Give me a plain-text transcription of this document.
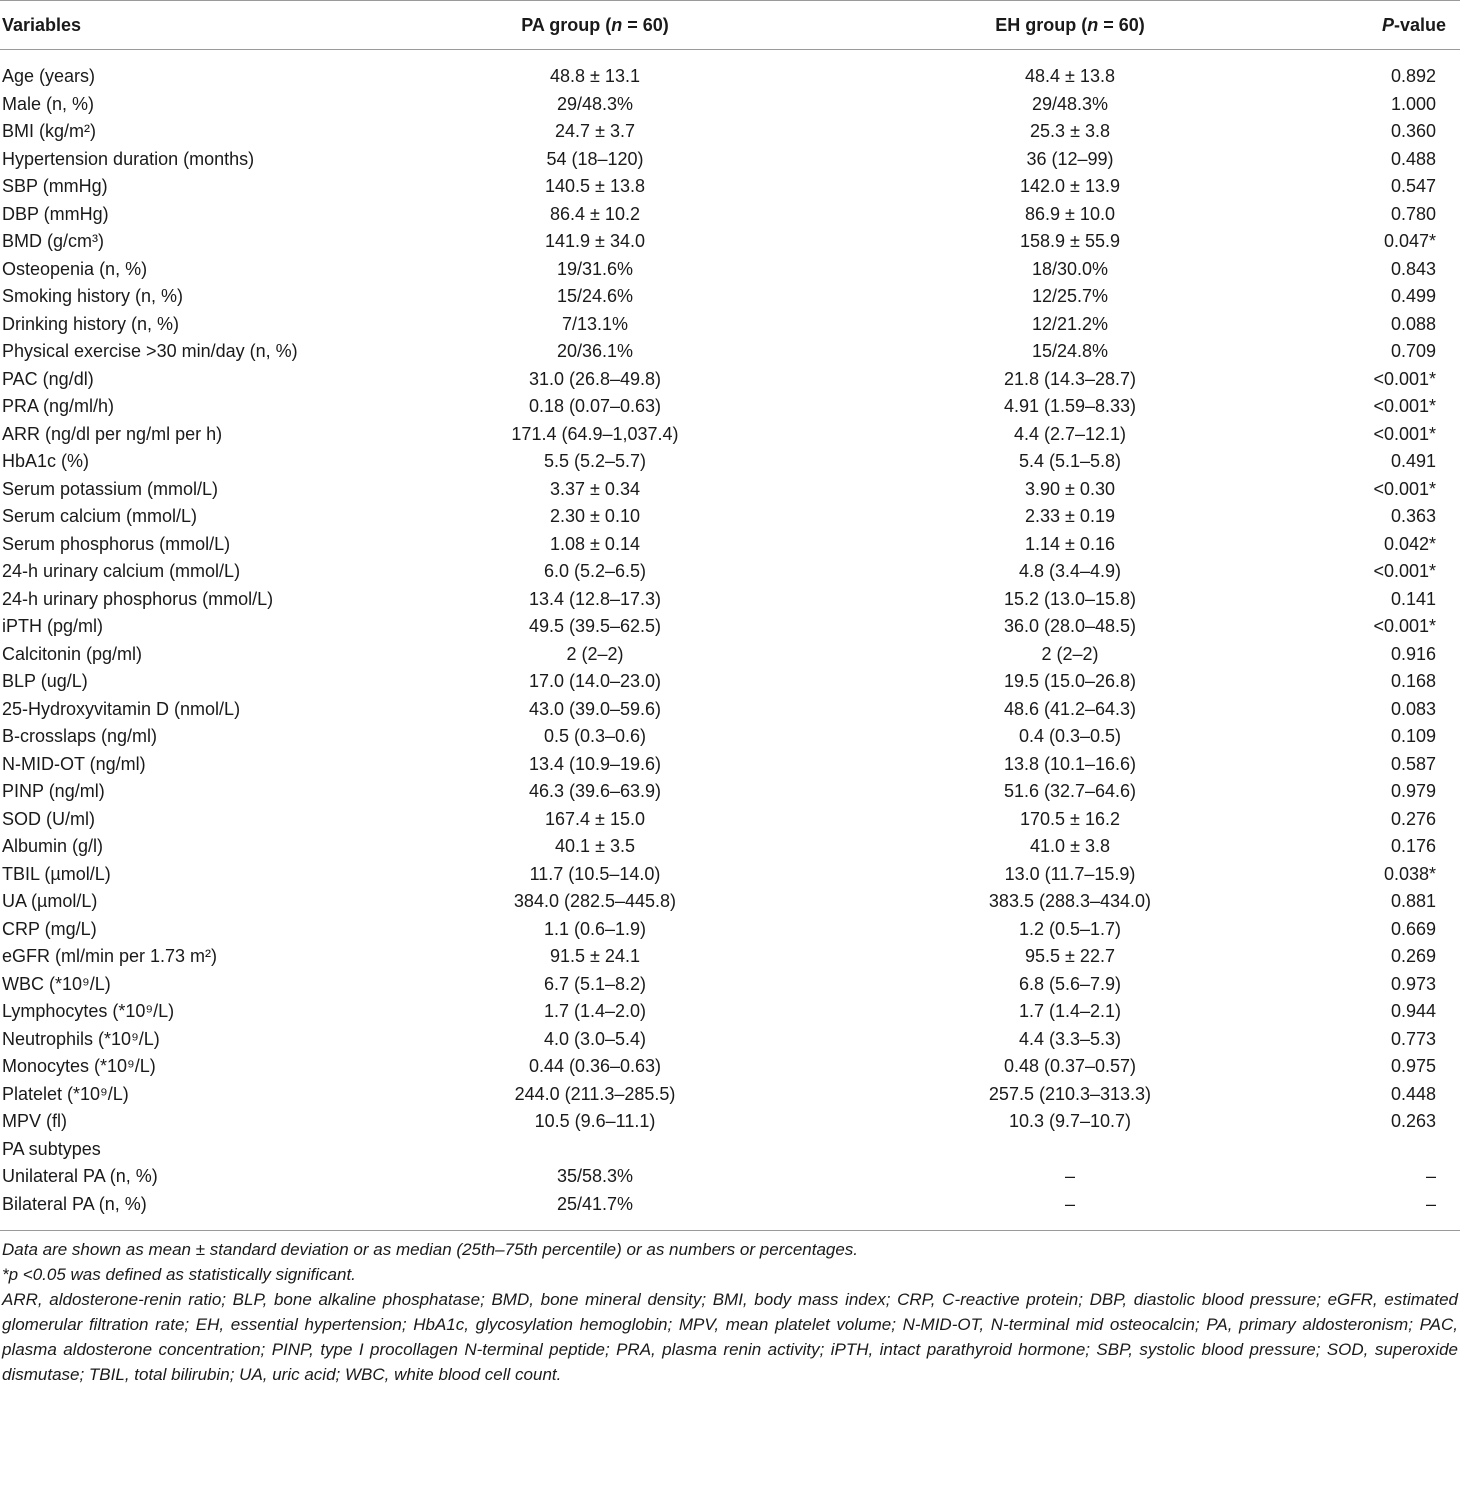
Variables	PA group (n = 60)	EH group (n = 60)	P-value
Age (years)	48.8 ± 13.1	48.4 ± 13.8	0.892
Male (n, %)	29/48.3%	29/48.3%	1.000
BMI (kg/m²)	24.7 ± 3.7	25.3 ± 3.8	0.360
Hypertension duration (months)	54 (18–120)	36 (12–99)	0.488
SBP (mmHg)	140.5 ± 13.8	142.0 ± 13.9	0.547
DBP (mmHg)	86.4 ± 10.2	86.9 ± 10.0	0.780
BMD (g/cm³)	141.9 ± 34.0	158.9 ± 55.9	0.047*
Osteopenia (n, %)	19/31.6%	18/30.0%	0.843
Smoking history (n, %)	15/24.6%	12/25.7%	0.499
Drinking history (n, %)	7/13.1%	12/21.2%	0.088
Physical exercise >30 min/day (n, %)	20/36.1%	15/24.8%	0.709
PAC (ng/dl)	31.0 (26.8–49.8)	21.8 (14.3–28.7)	<0.001*
PRA (ng/ml/h)	0.18 (0.07–0.63)	4.91 (1.59–8.33)	<0.001*
ARR (ng/dl per ng/ml per h)	171.4 (64.9–1,037.4)	4.4 (2.7–12.1)	<0.001*
HbA1c (%)	5.5 (5.2–5.7)	5.4 (5.1–5.8)	0.491
Serum potassium (mmol/L)	3.37 ± 0.34	3.90 ± 0.30	<0.001*
Serum calcium (mmol/L)	2.30 ± 0.10	2.33 ± 0.19	0.363
Serum phosphorus (mmol/L)	1.08 ± 0.14	1.14 ± 0.16	0.042*
24-h urinary calcium (mmol/L)	6.0 (5.2–6.5)	4.8 (3.4–4.9)	<0.001*
24-h urinary phosphorus (mmol/L)	13.4 (12.8–17.3)	15.2 (13.0–15.8)	0.141
iPTH (pg/ml)	49.5 (39.5–62.5)	36.0 (28.0–48.5)	<0.001*
Calcitonin (pg/ml)	2 (2–2)	2 (2–2)	0.916
BLP (ug/L)	17.0 (14.0–23.0)	19.5 (15.0–26.8)	0.168
25-Hydroxyvitamin D (nmol/L)	43.0 (39.0–59.6)	48.6 (41.2–64.3)	0.083
B-crosslaps (ng/ml)	0.5 (0.3–0.6)	0.4 (0.3–0.5)	0.109
N-MID-OT (ng/ml)	13.4 (10.9–19.6)	13.8 (10.1–16.6)	0.587
PINP (ng/ml)	46.3 (39.6–63.9)	51.6 (32.7–64.6)	0.979
SOD (U/ml)	167.4 ± 15.0	170.5 ± 16.2	0.276
Albumin (g/l)	40.1 ± 3.5	41.0 ± 3.8	0.176
TBIL (µmol/L)	11.7 (10.5–14.0)	13.0 (11.7–15.9)	0.038*
UA (µmol/L)	384.0 (282.5–445.8)	383.5 (288.3–434.0)	0.881
CRP (mg/L)	1.1 (0.6–1.9)	1.2 (0.5–1.7)	0.669
eGFR (ml/min per 1.73 m²)	91.5 ± 24.1	95.5 ± 22.7	0.269
WBC (*10⁹/L)	6.7 (5.1–8.2)	6.8 (5.6–7.9)	0.973
Lymphocytes (*10⁹/L)	1.7 (1.4–2.0)	1.7 (1.4–2.1)	0.944
Neutrophils (*10⁹/L)	4.0 (3.0–5.4)	4.4 (3.3–5.3)	0.773
Monocytes (*10⁹/L)	0.44 (0.36–0.63)	0.48 (0.37–0.57)	0.975
Platelet (*10⁹/L)	244.0 (211.3–285.5)	257.5 (210.3–313.3)	0.448
MPV (fl)	10.5 (9.6–11.1)	10.3 (9.7–10.7)	0.263
PA subtypes			
Unilateral PA (n, %)	35/58.3%	–	–
Bilateral PA (n, %)	25/41.7%	–	–

Data are shown as mean ± standard deviation or as median (25th–75th percentile) or as numbers or percentages.

*p <0.05 was defined as statistically significant.

ARR, aldosterone-renin ratio; BLP, bone alkaline phosphatase; BMD, bone mineral density; BMI, body mass index; CRP, C-reactive protein; DBP, diastolic blood pressure; eGFR, estimated glomerular filtration rate; EH, essential hypertension; HbA1c, glycosylation hemoglobin; MPV, mean platelet volume; N-MID-OT, N-terminal mid osteocalcin; PA, primary aldosteronism; PAC, plasma aldosterone concentration; PINP, type I procollagen N-terminal peptide; PRA, plasma renin activity; iPTH, intact parathyroid hormone; SBP, systolic blood pressure; SOD, superoxide dismutase; TBIL, total bilirubin; UA, uric acid; WBC, white blood cell count.
